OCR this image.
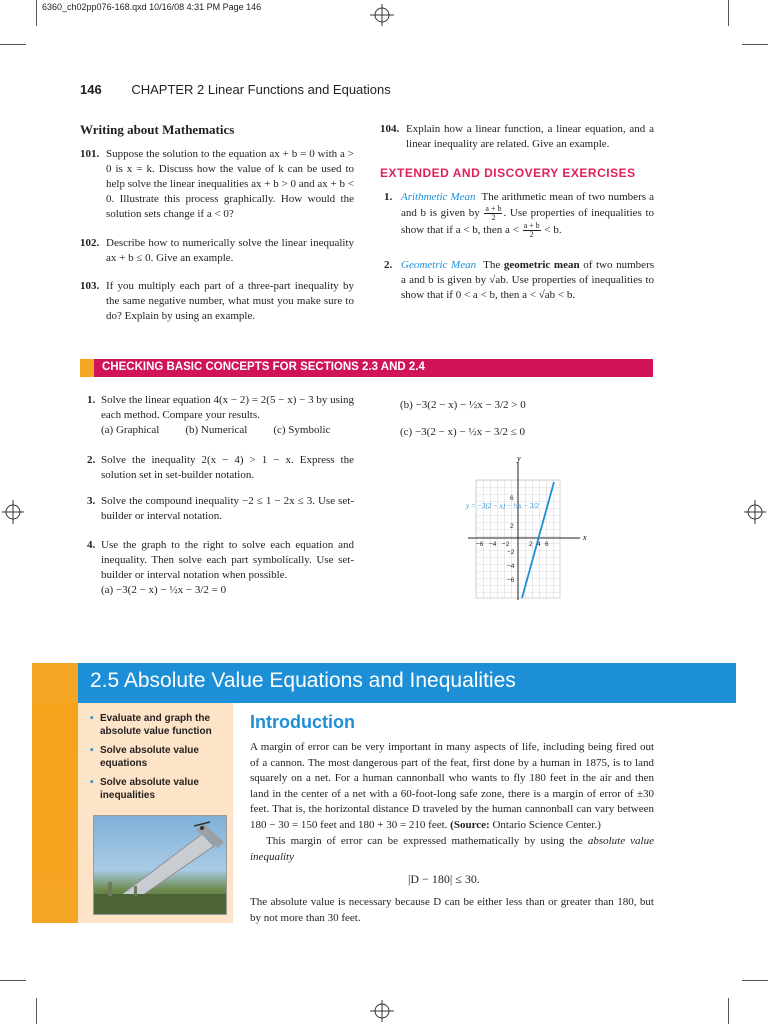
6360_ch02pp076-168.qxd 10/16/08 4:31 PM Page 146
146 CHAPTER 2 Linear Functions and Equations
Writing about Mathematics
101. Suppose the solution to the equation ax + b = 0 with a > 0 is x = k. Discuss how the value of k can be used to help solve the linear inequalities ax + b > 0 and ax + b < 0. Illustrate this process graphically. How would the solution sets change if a < 0?
102. Describe how to numerically solve the linear inequality ax + b ≤ 0. Give an example.
103. If you multiply each part of a three-part inequality by the same negative number, what must you make sure to do? Explain by using an example.
104. Explain how a linear function, a linear equation, and a linear inequality are related. Give an example.
EXTENDED AND DISCOVERY EXERCISES
1. Arithmetic Mean The arithmetic mean of two numbers a and b is given by $\frac{a + b}{2}$ . Use properties of inequalities to show that if a < b, then $a < \frac{a + b}{2} < b$.
2. Geometric Mean The geometric mean of two numbers a and b is given by √ab. Use properties of inequalities to show that if 0 < a < b, then a < √ab < b.
CHECKING BASIC CONCEPTS FOR SECTIONS 2.3 AND 2.4
1. Solve the linear equation 4(x − 2) = 2(5 − x) − 3 by using each method. Compare your results.
(a) Graphical (b) Numerical (c) Symbolic
2. Solve the inequality 2(x − 4) > 1 − x. Express the solution set in set-builder notation.
3. Solve the compound inequality −2 ≤ 1 − 2x ≤ 3. Use set-builder or interval notation.
4. Use the graph to the right to solve each equation and inequality. Then solve each part symbolically. Use set-builder or interval notation when possible.
(a) −3(2 − x) − ½x − 3/2 = 0
(b) −3(2 − x) − ½x − 3/2 > 0
(c) −3(2 − x) − ½x − 3/2 ≤ 0
y
x
6
2
−2
−4
−6
−6 −4 −2	2 4 6
y = −3(2 − x) − ½x − 3/2
2.5 Absolute Value Equations and Inequalities
• Evaluate and graph the absolute value function
• Solve absolute value equations
• Solve absolute value inequalities
Introduction
A margin of error can be very important in many aspects of life, including being fired out of a cannon. The most dangerous part of the feat, first done by a human in 1875, is to land squarely on a net. For a human cannonball who wants to fly 180 feet in the air and then land in the center of a net with a 60-foot-long safe zone, there is a margin of error of ±30 feet. That is, the horizontal distance D traveled by the human cannonball can vary between 180 − 30 = 150 feet and 180 + 30 = 210 feet. (Source: Ontario Science Center.)
This margin of error can be expressed mathematically by using the absolute value inequality
|D − 180| ≤ 30.
The absolute value is necessary because D can be either less than or greater than 180, but by not more than 30 feet.
